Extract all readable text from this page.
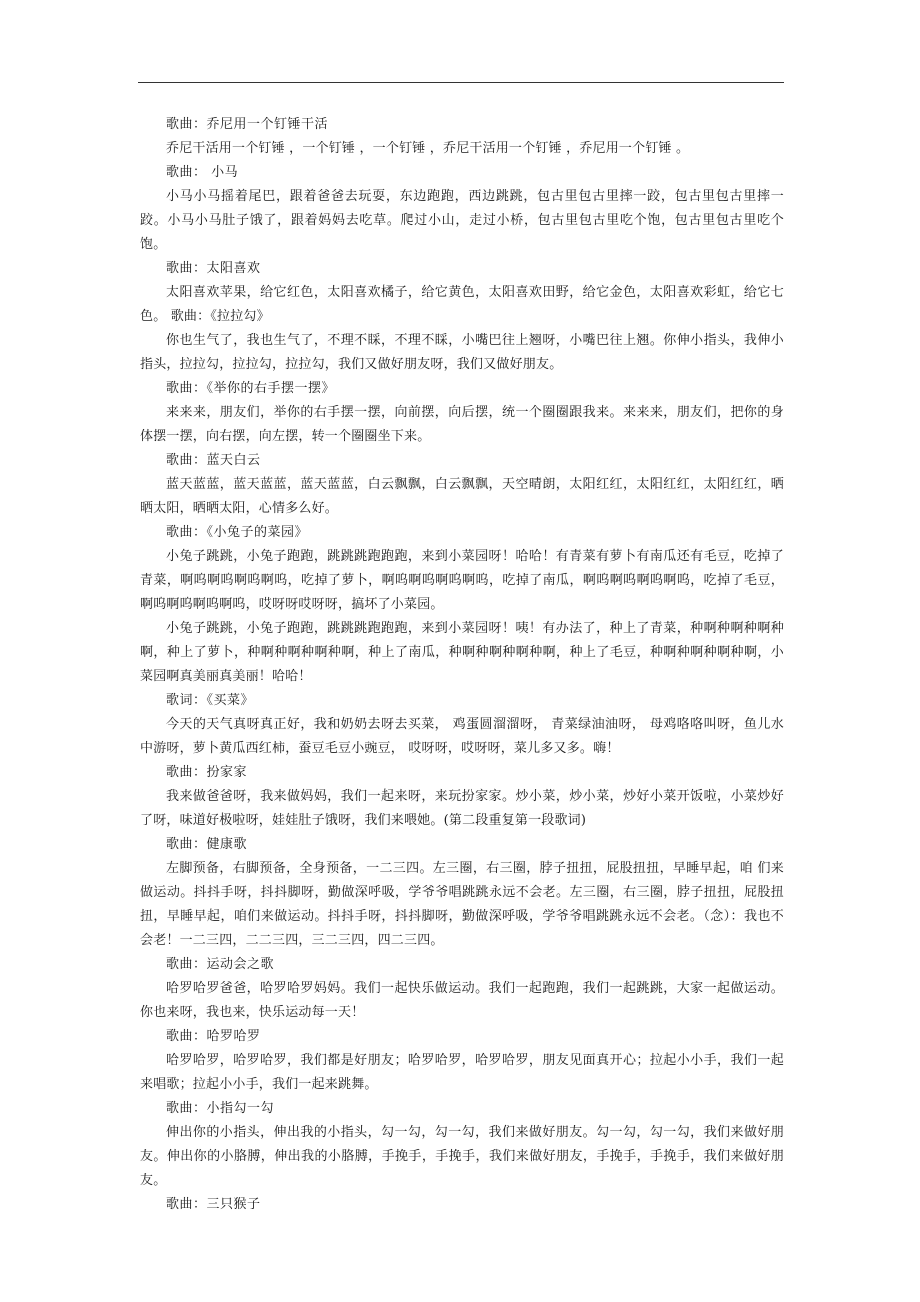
歌曲：乔尼用一个钉锤干活

乔尼干活用一个钉锤 ，一个钉锤 ，一个钉锤 ，乔尼干活用一个钉锤 ，乔尼用一个钉锤 。

歌曲： 小马

小马小马摇着尾巴，跟着爸爸去玩耍，东边跑跑，西边跳跳，包古里包古里摔一跤，包古里包古里摔一跤。小马小马肚子饿了，跟着妈妈去吃草。爬过小山，走过小桥，包古里包古里吃个饱，包古里包古里吃个饱。

歌曲：太阳喜欢

太阳喜欢苹果，给它红色，太阳喜欢橘子，给它黄色，太阳喜欢田野，给它金色，太阳喜欢彩虹，给它七色。 歌曲：《拉拉勾》

你也生气了，我也生气了，不理不睬，不理不睬，小嘴巴往上翘呀，小嘴巴往上翘。你伸小指头，我伸小指头，拉拉勾，拉拉勾，拉拉勾，我们又做好朋友呀，我们又做好朋友。

歌曲：《举你的右手摆一摆》

来来来，朋友们，举你的右手摆一摆，向前摆，向后摆，统一个圈圈跟我来。来来来，朋友们，把你的身体摆一摆，向右摆，向左摆，转一个圈圈坐下来。

歌曲：蓝天白云

蓝天蓝蓝，蓝天蓝蓝，蓝天蓝蓝，白云飘飘，白云飘飘，天空晴朗，太阳红红，太阳红红，太阳红红，晒晒太阳，晒晒太阳，心情多么好。

歌曲：《小兔子的菜园》

小兔子跳跳，小兔子跑跑，跳跳跳跑跑跑，来到小菜园呀！哈哈！有青菜有萝卜有南瓜还有毛豆，吃掉了青菜，啊呜啊呜啊呜啊呜，吃掉了萝卜，啊呜啊呜啊呜啊呜，吃掉了南瓜，啊呜啊呜啊呜啊呜，吃掉了毛豆，啊呜啊呜啊呜啊呜，哎呀呀哎呀呀，搞坏了小菜园。

小兔子跳跳，小兔子跑跑，跳跳跳跑跑跑，来到小菜园呀！咦！有办法了，种上了青菜，种啊种啊种啊种啊，种上了萝卜，种啊种啊种啊种啊，种上了南瓜，种啊种啊种啊种啊，种上了毛豆，种啊种啊种啊种啊，小菜园啊真美丽真美丽！哈哈！

歌词：《买菜》

今天的天气真呀真正好，我和奶奶去呀去买菜， 鸡蛋圆溜溜呀， 青菜绿油油呀， 母鸡咯咯叫呀，鱼儿水中游呀，萝卜黄瓜西红柿，蚕豆毛豆小豌豆， 哎呀呀，哎呀呀，菜儿多又多。嗨！

歌曲：扮家家

我来做爸爸呀，我来做妈妈，我们一起来呀，来玩扮家家。炒小菜，炒小菜，炒好小菜开饭啦，小菜炒好了呀，味道好极啦呀，娃娃肚子饿呀，我们来喂她。(第二段重复第一段歌词)

歌曲：健康歌

左脚预备，右脚预备，全身预备，一二三四。左三圈，右三圈，脖子扭扭，屁股扭扭，早睡早起，咱 们来做运动。抖抖手呀，抖抖脚呀，勤做深呼吸，学爷爷唱跳跳永远不会老。左三圈，右三圈，脖子扭扭，屁股扭扭，早睡早起，咱们来做运动。抖抖手呀，抖抖脚呀，勤做深呼吸，学爷爷唱跳跳永远不会老。（念）：我也不会老！一二三四，二二三四，三二三四，四二三四。

歌曲：运动会之歌

哈罗哈罗爸爸，哈罗哈罗妈妈。我们一起快乐做运动。我们一起跑跑，我们一起跳跳，大家一起做运动。你也来呀，我也来，快乐运动每一天！

歌曲：哈罗哈罗

哈罗哈罗，哈罗哈罗，我们都是好朋友；哈罗哈罗，哈罗哈罗，朋友见面真开心；拉起小小手，我们一起来唱歌；拉起小小手，我们一起来跳舞。

歌曲：小指勾一勾

伸出你的小指头，伸出我的小指头，勾一勾，勾一勾，我们来做好朋友。勾一勾，勾一勾，我们来做好朋友。伸出你的小胳膊，伸出我的小胳膊，手挽手，手挽手，我们来做好朋友，手挽手，手挽手，我们来做好朋友。

歌曲：三只猴子
